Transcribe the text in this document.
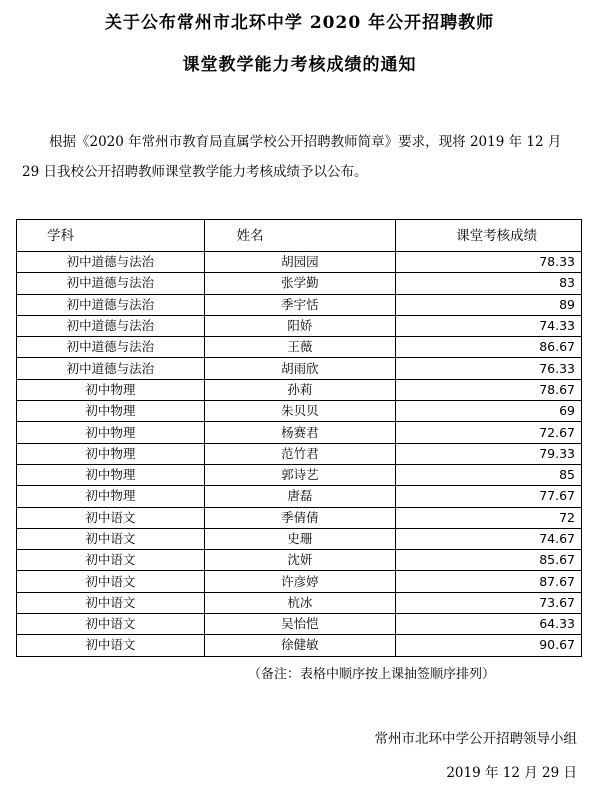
关于公布常州市北环中学 2020 年公开招聘教师
课堂教学能力考核成绩的通知
根据《2020 年常州市教育局直属学校公开招聘教师简章》要求，现将 2019 年 12 月 29 日我校公开招聘教师课堂教学能力考核成绩予以公布。
学科	姓名	课堂考核成绩
初中道德与法治	胡园园	78.33
初中道德与法治	张学勤	83
初中道德与法治	季宇恬	89
初中道德与法治	阳娇	74.33
初中道德与法治	王薇	86.67
初中道德与法治	胡雨欣	76.33
初中物理	孙莉	78.67
初中物理	朱贝贝	69
初中物理	杨赛君	72.67
初中物理	范竹君	79.33
初中物理	郭诗艺	85
初中物理	唐磊	77.67
初中语文	季倩倩	72
初中语文	史珊	74.67
初中语文	沈妍	85.67
初中语文	许彦婷	87.67
初中语文	杭冰	73.67
初中语文	吴怡恺	64.33
初中语文	徐健敏	90.67
（备注：表格中顺序按上课抽签顺序排列）
常州市北环中学公开招聘领导小组
2019 年 12 月 29 日
